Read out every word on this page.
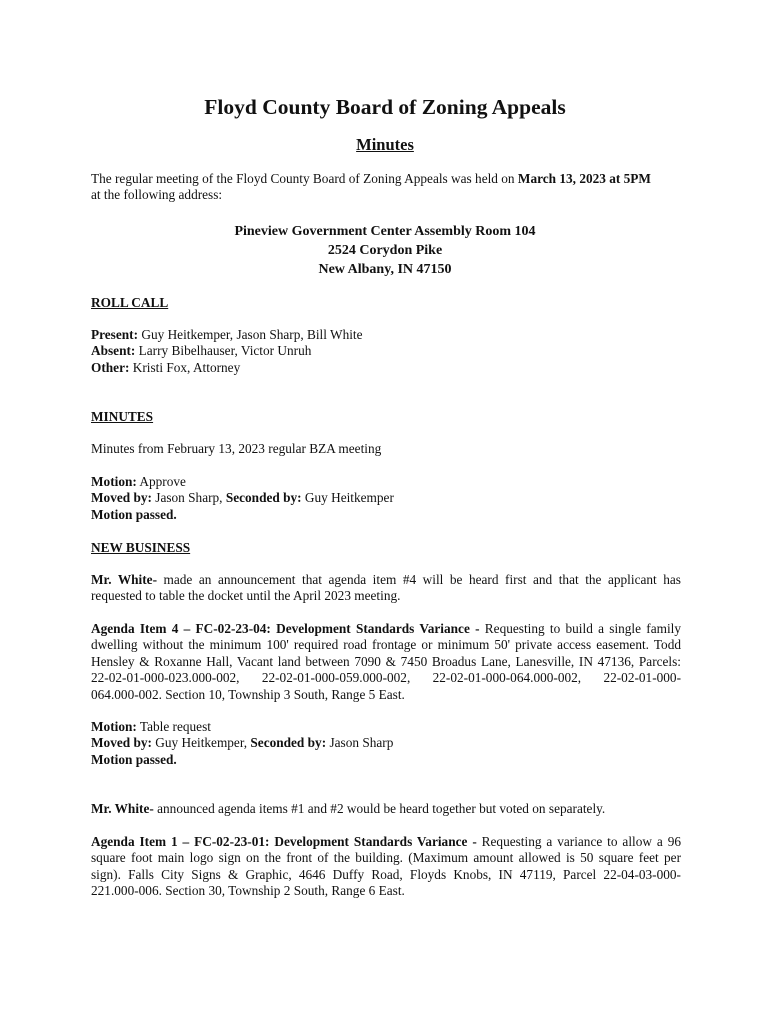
Floyd County Board of Zoning Appeals
Minutes
The regular meeting of the Floyd County Board of Zoning Appeals was held on March 13, 2023 at 5PM
at the following address:
Pineview Government Center Assembly Room 104
2524 Corydon Pike
New Albany, IN 47150
ROLL CALL
Present: Guy Heitkemper, Jason Sharp, Bill White
Absent: Larry Bibelhauser, Victor Unruh
Other: Kristi Fox, Attorney
MINUTES
Minutes from February 13, 2023 regular BZA meeting
Motion: Approve
Moved by: Jason Sharp, Seconded by: Guy Heitkemper
Motion passed.
NEW BUSINESS
Mr. White- made an announcement that agenda item #4 will be heard first and that the applicant has
requested to table the docket until the April 2023 meeting.
Agenda Item 4 – FC-02-23-04: Development Standards Variance - Requesting to build a single family
dwelling without the minimum 100' required road frontage or minimum 50' private access easement. Todd
Hensley & Roxanne Hall, Vacant land between 7090 & 7450 Broadus Lane, Lanesville, IN 47136, Parcels:
22-02-01-000-023.000-002, 22-02-01-000-059.000-002, 22-02-01-000-064.000-002, 22-02-01-000-
064.000-002. Section 10, Township 3 South, Range 5 East.
Motion: Table request
Moved by: Guy Heitkemper, Seconded by: Jason Sharp
Motion passed.
Mr. White- announced agenda items #1 and #2 would be heard together but voted on separately.
Agenda Item 1 – FC-02-23-01: Development Standards Variance - Requesting a variance to allow a 96
square foot main logo sign on the front of the building. (Maximum amount allowed is 50 square feet per
sign). Falls City Signs & Graphic, 4646 Duffy Road, Floyds Knobs, IN 47119, Parcel 22-04-03-000-
221.000-006. Section 30, Township 2 South, Range 6 East.
